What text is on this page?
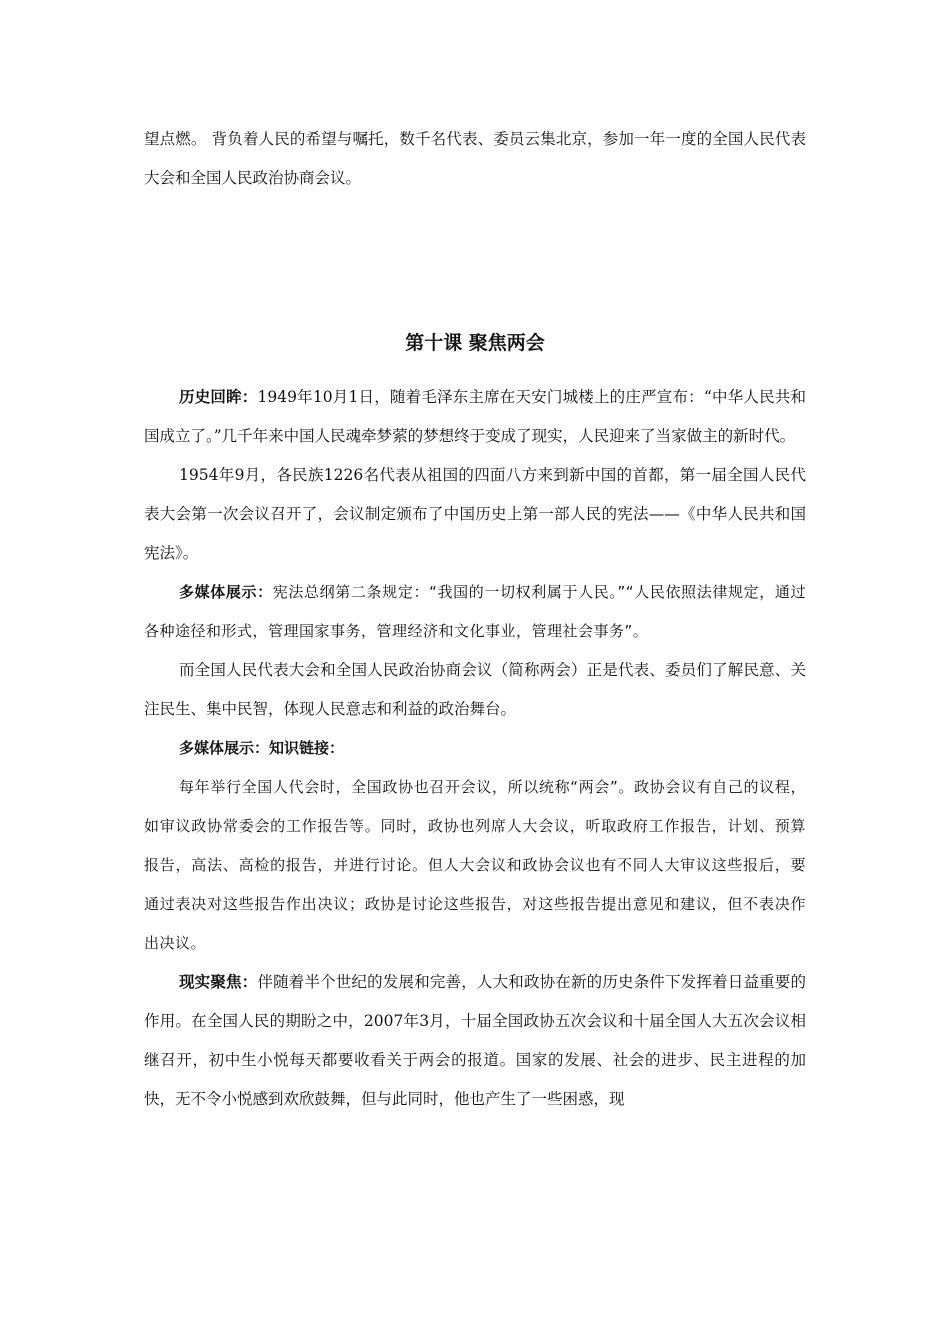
望点燃。 背负着人民的希望与嘱托，数千名代表、委员云集北京，参加一年一度的全国人民代表大会和全国人民政治协商会议。

第十课 聚焦两会

历史回眸：1949年10月1日，随着毛泽东主席在天安门城楼上的庄严宣布：“中华人民共和国成立了。”几千年来中国人民魂牵梦萦的梦想终于变成了现实，人民迎来了当家做主的新时代。

1954年9月，各民族1226名代表从祖国的四面八方来到新中国的首都，第一届全国人民代表大会第一次会议召开了，会议制定颁布了中国历史上第一部人民的宪法——《中华人民共和国宪法》。

多媒体展示：宪法总纲第二条规定：“我国的一切权利属于人民。”“人民依照法律规定，通过各种途径和形式，管理国家事务，管理经济和文化事业，管理社会事务”。

而全国人民代表大会和全国人民政治协商会议（简称两会）正是代表、委员们了解民意、关注民生、集中民智，体现人民意志和利益的政治舞台。

多媒体展示：知识链接：

每年举行全国人代会时，全国政协也召开会议，所以统称“两会”。政协会议有自己的议程，如审议政协常委会的工作报告等。同时，政协也列席人大会议，听取政府工作报告，计划、预算报告，高法、高检的报告，并进行讨论。但人大会议和政协会议也有不同人大审议这些报后，要通过表决对这些报告作出决议；政协是讨论这些报告，对这些报告提出意见和建议，但不表决作出决议。

现实聚焦：伴随着半个世纪的发展和完善，人大和政协在新的历史条件下发挥着日益重要的作用。在全国人民的期盼之中，2007年3月，十届全国政协五次会议和十届全国人大五次会议相继召开，初中生小悦每天都要收看关于两会的报道。国家的发展、社会的进步、民主进程的加快，无不令小悦感到欢欣鼓舞，但与此同时，他也产生了一些困惑，现
